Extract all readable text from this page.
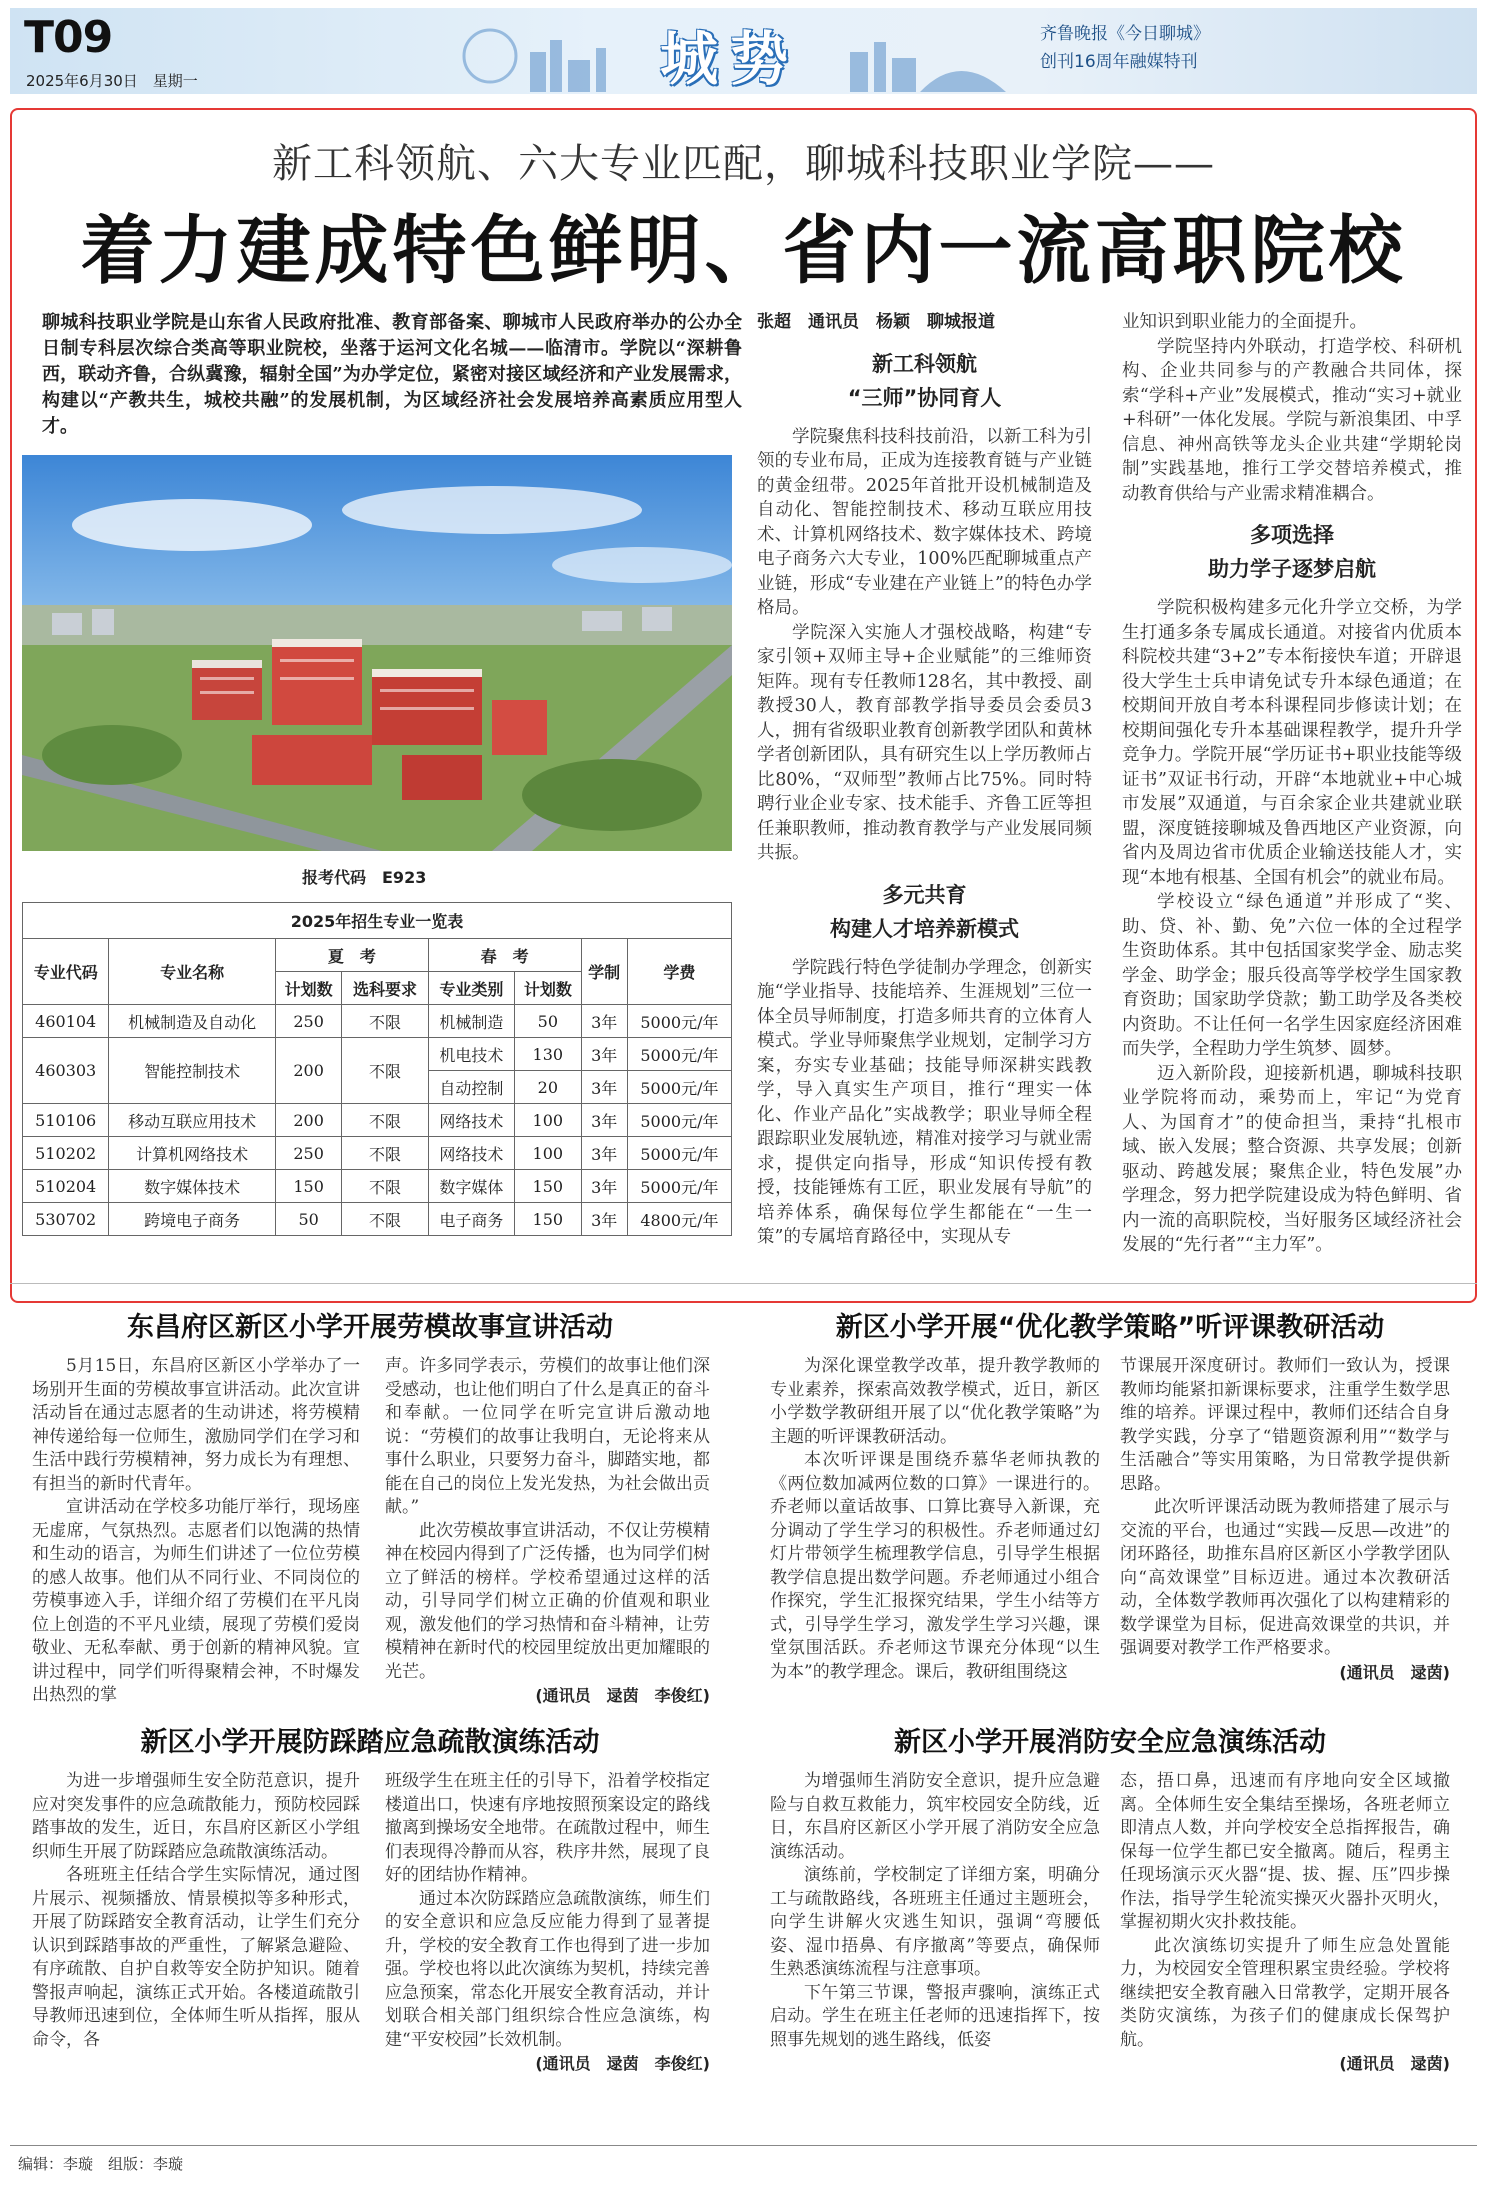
T09
2025年6月30日　星期一	城势	齐鲁晚报《今日聊城》
创刊16周年融媒特刊
新工科领航、六大专业匹配，聊城科技职业学院——
着力建成特色鲜明、省内一流高职院校
聊城科技职业学院是山东省人民政府批准、教育部备案、聊城市人民政府举办的公办全日制专科层次综合类高等职业院校，坐落于运河文化名城——临清市。学院以“深耕鲁西，联动齐鲁，合纵冀豫，辐射全国”为办学定位，紧密对接区域经济和产业发展需求，构建以“产教共生，城校共融”的发展机制，为区域经济社会发展培养高素质应用型人才。
报考代码　E923
2025年招生专业一览表							
专业代码	专业名称	夏　考		春　考		学制	学费
		计划数	选科要求	专业类别	计划数		
460104	机械制造及自动化	250	不限	机械制造	50	3年	5000元/年
460303	智能控制技术	200	不限	机电技术	130	3年	5000元/年
				自动控制	20	3年	5000元/年
510106	移动互联应用技术	200	不限	网络技术	100	3年	5000元/年
510202	计算机网络技术	250	不限	网络技术	100	3年	5000元/年
510204	数字媒体技术	150	不限	数字媒体	150	3年	5000元/年
530702	跨境电子商务	50	不限	电子商务	150	3年	4800元/年
张超　通讯员　杨颖　聊城报道
新工科领航
“三师”协同育人

学院聚焦科技科技前沿，以新工科为引领的专业布局，正成为连接教育链与产业链的黄金纽带。2025年首批开设机械制造及自动化、智能控制技术、移动互联应用技术、计算机网络技术、数字媒体技术、跨境电子商务六大专业，100%匹配聊城重点产业链，形成“专业建在产业链上”的特色办学格局。

学院深入实施人才强校战略，构建“专家引领+双师主导+企业赋能”的三维师资矩阵。现有专任教师128名，其中教授、副教授30人，教育部教学指导委员会委员3人，拥有省级职业教育创新教学团队和黄林学者创新团队，具有研究生以上学历教师占比80%，“双师型”教师占比75%。同时特聘行业企业专家、技术能手、齐鲁工匠等担任兼职教师，推动教育教学与产业发展同频共振。

多元共育
构建人才培养新模式

学院践行特色学徒制办学理念，创新实施“学业指导、技能培养、生涯规划”三位一体全员导师制度，打造多师共育的立体育人模式。学业导师聚焦学业规划，定制学习方案，夯实专业基础；技能导师深耕实践教学，导入真实生产项目，推行“理实一体化、作业产品化”实战教学；职业导师全程跟踪职业发展轨迹，精准对接学习与就业需求，提供定向指导，形成“知识传授有教授，技能锤炼有工匠，职业发展有导航”的培养体系，确保每位学生都能在“一生一策”的专属培育路径中，实现从专

业知识到职业能力的全面提升。

学院坚持内外联动，打造学校、科研机构、企业共同参与的产教融合共同体，探索“学科+产业”发展模式，推动“实习+就业+科研”一体化发展。学院与新浪集团、中孚信息、神州高铁等龙头企业共建“学期轮岗制”实践基地，推行工学交替培养模式，推动教育供给与产业需求精准耦合。

多项选择
助力学子逐梦启航

学院积极构建多元化升学立交桥，为学生打通多条专属成长通道。对接省内优质本科院校共建“3+2”专本衔接快车道；开辟退役大学生士兵申请免试专升本绿色通道；在校期间开放自考本科课程同步修读计划；在校期间强化专升本基础课程教学，提升升学竞争力。学院开展“学历证书+职业技能等级证书”双证书行动，开辟“本地就业+中心城市发展”双通道，与百余家企业共建就业联盟，深度链接聊城及鲁西地区产业资源，向省内及周边省市优质企业输送技能人才，实现“本地有根基、全国有机会”的就业布局。

学校设立“绿色通道”并形成了“奖、助、贷、补、勤、免”六位一体的全过程学生资助体系。其中包括国家奖学金、励志奖学金、助学金；服兵役高等学校学生国家教育资助；国家助学贷款；勤工助学及各类校内资助。不让任何一名学生因家庭经济困难而失学，全程助力学生筑梦、圆梦。

迈入新阶段，迎接新机遇，聊城科技职业学院将而动，乘势而上，牢记“为党育人、为国育才”的使命担当，秉持“扎根市域、嵌入发展；整合资源、共享发展；创新驱动、跨越发展；聚焦企业，特色发展”办学理念，努力把学院建设成为特色鲜明、省内一流的高职院校，当好服务区域经济社会发展的“先行者”“主力军”。

东昌府区新区小学开展劳模故事宣讲活动

5月15日，东昌府区新区小学举办了一场别开生面的劳模故事宣讲活动。此次宣讲活动旨在通过志愿者的生动讲述，将劳模精神传递给每一位师生，激励同学们在学习和生活中践行劳模精神，努力成长为有理想、有担当的新时代青年。

宣讲活动在学校多功能厅举行，现场座无虚席，气氛热烈。志愿者们以饱满的热情和生动的语言，为师生们讲述了一位位劳模的感人故事。他们从不同行业、不同岗位的劳模事迹入手，详细介绍了劳模们在平凡岗位上创造的不平凡业绩，展现了劳模们爱岗敬业、无私奉献、勇于创新的精神风貌。宣讲过程中，同学们听得聚精会神，不时爆发出热烈的掌

声。许多同学表示，劳模们的故事让他们深受感动，也让他们明白了什么是真正的奋斗和奉献。一位同学在听完宣讲后激动地说：“劳模们的故事让我明白，无论将来从事什么职业，只要努力奋斗，脚踏实地，都能在自己的岗位上发光发热，为社会做出贡献。”

此次劳模故事宣讲活动，不仅让劳模精神在校园内得到了广泛传播，也为同学们树立了鲜活的榜样。学校希望通过这样的活动，引导同学们树立正确的价值观和职业观，激发他们的学习热情和奋斗精神，让劳模精神在新时代的校园里绽放出更加耀眼的光芒。

(通讯员　逯茵　李俊红)
新区小学开展“优化教学策略”听评课教研活动

为深化课堂教学改革，提升教学教师的专业素养，探索高效教学模式，近日，新区小学数学教研组开展了以“优化教学策略”为主题的听评课教研活动。

本次听评课是围绕乔慕华老师执教的《两位数加减两位数的口算》一课进行的。乔老师以童话故事、口算比赛导入新课，充分调动了学生学习的积极性。乔老师通过幻灯片带领学生梳理教学信息，引导学生根据教学信息提出数学问题。乔老师通过小组合作探究，学生汇报探究结果，学生小结等方式，引导学生学习，激发学生学习兴趣，课堂氛围活跃。乔老师这节课充分体现“以生为本”的教学理念。课后，教研组围绕这

节课展开深度研讨。教师们一致认为，授课教师均能紧扣新课标要求，注重学生数学思维的培养。评课过程中，教师们还结合自身教学实践，分享了“错题资源利用”“数学与生活融合”等实用策略，为日常教学提供新思路。

此次听评课活动既为教师搭建了展示与交流的平台，也通过“实践—反思—改进”的闭环路径，助推东昌府区新区小学教学团队向“高效课堂”目标迈进。通过本次教研活动，全体数学教师再次强化了以构建精彩的数学课堂为目标，促进高效课堂的共识，并强调要对教学工作严格要求。

(通讯员　逯茵)
新区小学开展防踩踏应急疏散演练活动

为进一步增强师生安全防范意识，提升应对突发事件的应急疏散能力，预防校园踩踏事故的发生，近日，东昌府区新区小学组织师生开展了防踩踏应急疏散演练活动。

各班班主任结合学生实际情况，通过图片展示、视频播放、情景模拟等多种形式，开展了防踩踏安全教育活动，让学生们充分认识到踩踏事故的严重性，了解紧急避险、有序疏散、自护自救等安全防护知识。随着警报声响起，演练正式开始。各楼道疏散引导教师迅速到位，全体师生听从指挥，服从命令，各

班级学生在班主任的引导下，沿着学校指定楼道出口，快速有序地按照预案设定的路线撤离到操场安全地带。在疏散过程中，师生们表现得冷静而从容，秩序井然，展现了良好的团结协作精神。

通过本次防踩踏应急疏散演练，师生们的安全意识和应急反应能力得到了显著提升，学校的安全教育工作也得到了进一步加强。学校也将以此次演练为契机，持续完善应急预案，常态化开展安全教育活动，并计划联合相关部门组织综合性应急演练，构建“平安校园”长效机制。

(通讯员　逯茵　李俊红)
新区小学开展消防安全应急演练活动

为增强师生消防安全意识，提升应急避险与自救互救能力，筑牢校园安全防线，近日，东昌府区新区小学开展了消防安全应急演练活动。

演练前，学校制定了详细方案，明确分工与疏散路线，各班班主任通过主题班会，向学生讲解火灾逃生知识，强调“弯腰低姿、湿巾捂鼻、有序撤离”等要点，确保师生熟悉演练流程与注意事项。

下午第三节课，警报声骤响，演练正式启动。学生在班主任老师的迅速指挥下，按照事先规划的逃生路线，低姿

态，捂口鼻，迅速而有序地向安全区域撤离。全体师生安全集结至操场，各班老师立即清点人数，并向学校安全总指挥报告，确保每一位学生都已安全撤离。随后，程勇主任现场演示灭火器“提、拔、握、压”四步操作法，指导学生轮流实操灭火器扑灭明火，掌握初期火灾扑救技能。

此次演练切实提升了师生应急处置能力，为校园安全管理积累宝贵经验。学校将继续把安全教育融入日常教学，定期开展各类防灾演练，为孩子们的健康成长保驾护航。

(通讯员　逯茵)
编辑：李璇　组版：李璇
